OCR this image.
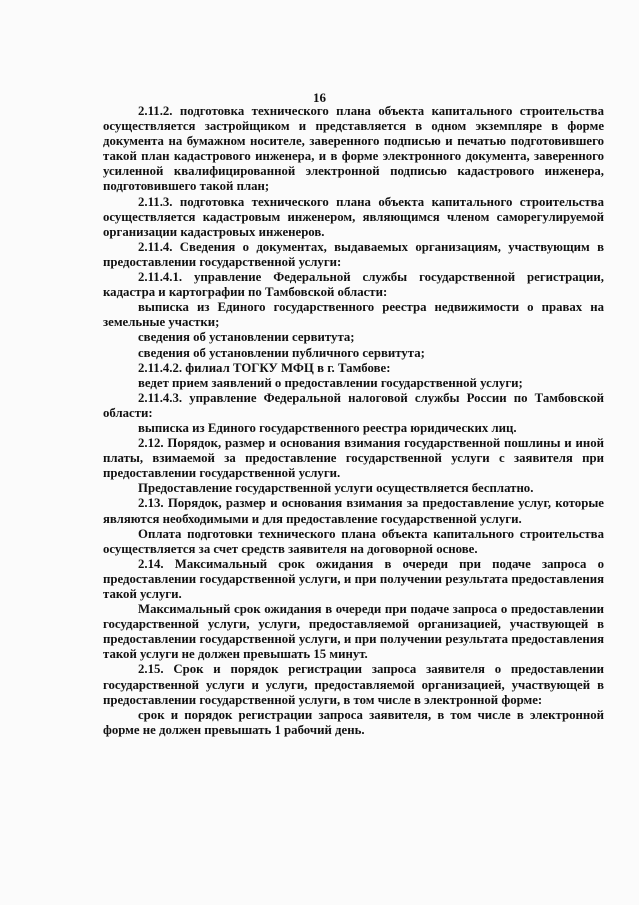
16

2.11.2. подготовка технического плана объекта капитального строительства осуществляется застройщиком и представляется в одном экземпляре в форме документа на бумажном носителе, заверенного подписью и печатью подготовившего такой план кадастрового инженера, и в форме электронного документа, заверенного усиленной квалифицированной электронной подписью кадастрового инженера, подготовившего такой план;

2.11.3. подготовка технического плана объекта капитального строительства осуществляется кадастровым инженером, являющимся членом саморегулируемой организации кадастровых инженеров.

2.11.4. Сведения о документах, выдаваемых организациям, участвующим в предоставлении государственной услуги:

2.11.4.1. управление Федеральной службы государственной регистрации, кадастра и картографии по Тамбовской области:

выписка из Единого государственного реестра недвижимости о правах на земельные участки;

сведения об установлении сервитута;

сведения об установлении публичного сервитута;

2.11.4.2. филиал ТОГКУ МФЦ в г. Тамбове:

ведет прием заявлений о предоставлении государственной услуги;

2.11.4.3. управление Федеральной налоговой службы России по Тамбовской области:

выписка из Единого государственного реестра юридических лиц.

2.12. Порядок, размер и основания взимания государственной пошлины и иной платы, взимаемой за предоставление государственной услуги с заявителя при предоставлении государственной услуги.

Предоставление государственной услуги осуществляется бесплатно.

2.13. Порядок, размер и основания взимания за предоставление услуг, которые являются необходимыми и для предоставление государственной услуги.

Оплата подготовки технического плана объекта капитального строительства осуществляется за счет средств заявителя на договорной основе.

2.14. Максимальный срок ожидания в очереди при подаче запроса о предоставлении государственной услуги, и при получении результата предоставления такой услуги.

Максимальный срок ожидания в очереди при подаче запроса о предоставлении государственной услуги, услуги, предоставляемой организацией, участвующей в предоставлении государственной услуги, и при получении результата предоставления такой услуги не должен превышать 15 минут.

2.15. Срок и порядок регистрации запроса заявителя о предоставлении государственной услуги и услуги, предоставляемой организацией, участвующей в предоставлении государственной услуги, в том числе в электронной форме:

срок и порядок регистрации запроса заявителя, в том числе в электронной форме не должен превышать 1 рабочий день.
